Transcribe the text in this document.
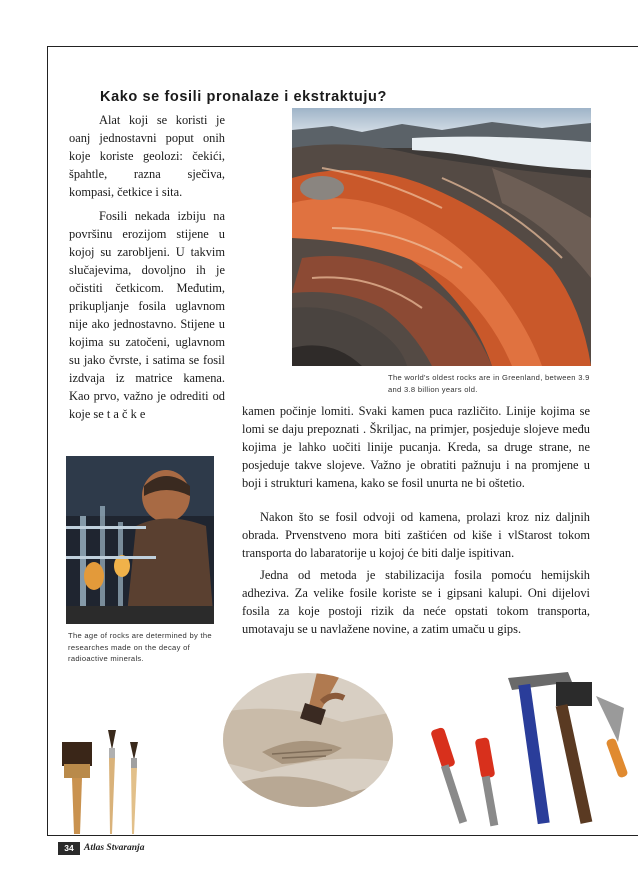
Kako se fosili pronalaze i ekstraktuju?

Alat koji se koristi je oanj jednostavni poput onih koje koriste geolozi: čekići, špahtle, razna sječiva, kompasi, četkice i sita.

Fosili nekada izbiju na površinu erozijom stijene u kojoj su zarobljeni. U takvim slučajevima, dovoljno ih je očistiti četkicom. Međutim, prikupljanje fosila uglavnom nije ako jednostavno. Stijene u kojima su zatočeni, uglavnom su jako čvrste, i satima se fosil izdvaja iz matrice kamena. Kao prvo, važno je odrediti od koje se t a č k e

The world's oldest rocks are in Greenland, between 3.9 and 3.8 billion years old.

kamen počinje lomiti. Svaki kamen puca različito. Linije kojima se lomi se daju prepoznati . Škriljac, na primjer, posjeduje slojeve među kojima je lahko uočiti linije pucanja. Kreda, sa druge strane, ne posjeduje takve slojeve. Važno je obratiti pažnuju i na promjene u boji i strukturi kamena, kako se fosil unurta ne bi oštetio.

Nakon što se fosil odvoji od kamena, prolazi kroz niz daljnih obrada. Prvenstveno mora biti zaštićen od kiše i vlStarost tokom transporta do labaratorije u kojoj će biti dalje ispitivan.

Jedna od metoda je stabilizacija fosila pomoću hemijskih adheziva. Za velike fosile koriste se i gipsani kalupi. Oni dijelovi fosila za koje postoji rizik da neće opstati tokom transporta, umotavaju se u navlažene novine, a zatim umaču u gips.

The age of rocks are determined by the researches made on the decay of radioactive minerals.

34	Atlas Stvaranja
